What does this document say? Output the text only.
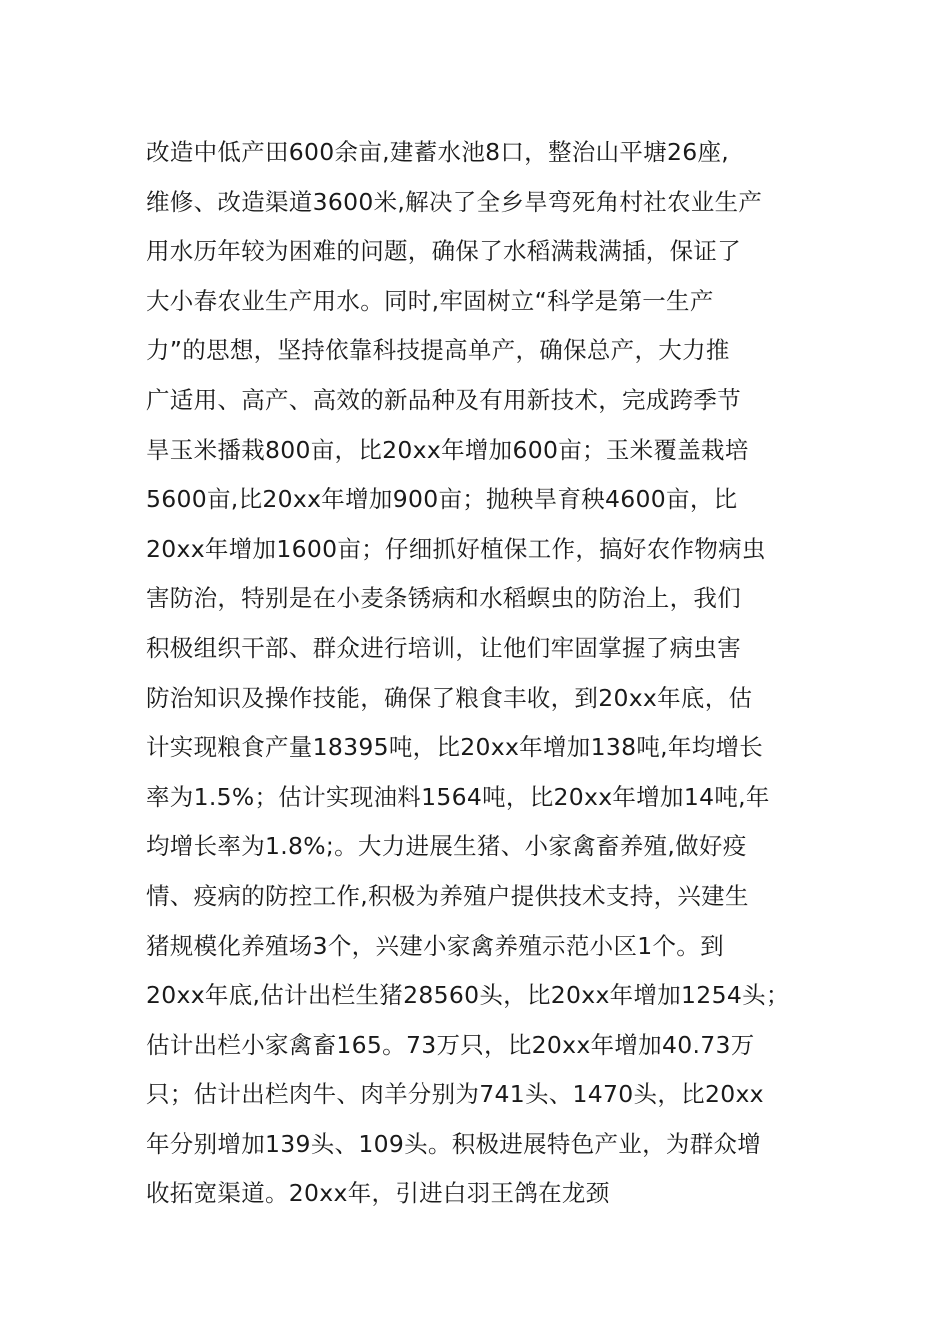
改造中低产田600余亩,建蓄水池8口，整治山平塘26座,
维修、改造渠道3600米,解决了全乡旱弯死角村社农业生产
用水历年较为困难的问题，确保了水稻满栽满插，保证了
大小春农业生产用水。同时,牢固树立“科学是第一生产
力”的思想，坚持依靠科技提高单产，确保总产，大力推
广适用、高产、高效的新品种及有用新技术，完成跨季节
旱玉米播栽800亩，比20xx年增加600亩；玉米覆盖栽培
5600亩,比20xx年增加900亩；抛秧旱育秧4600亩，比
20xx年增加1600亩；仔细抓好植保工作，搞好农作物病虫
害防治，特别是在小麦条锈病和水稻螟虫的防治上，我们
积极组织干部、群众进行培训，让他们牢固掌握了病虫害
防治知识及操作技能，确保了粮食丰收，到20xx年底，估
计实现粮食产量18395吨，比20xx年增加138吨,年均增长
率为1.5%；估计实现油料1564吨，比20xx年增加14吨,年
均增长率为1.8%;。大力进展生猪、小家禽畜养殖,做好疫
情、疫病的防控工作,积极为养殖户提供技术支持，兴建生
猪规模化养殖场3个，兴建小家禽养殖示范小区1个。到
20xx年底,估计出栏生猪28560头，比20xx年增加1254头；
估计出栏小家禽畜165。73万只，比20xx年增加40.73万
只；估计出栏肉牛、肉羊分别为741头、1470头，比20xx
年分别增加139头、109头。积极进展特色产业，为群众增
收拓宽渠道。20xx年，引进白羽王鸽在龙颈
